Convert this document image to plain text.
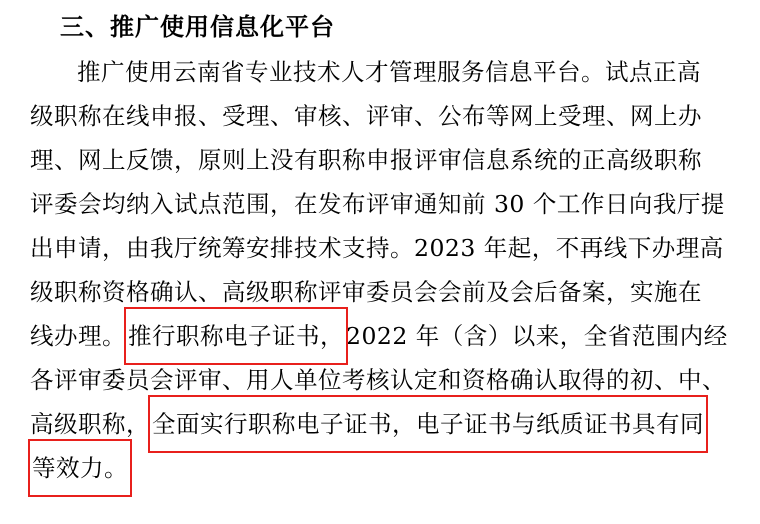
三、推广使用信息化平台
推广使用云南省专业技术人才管理服务信息平台。试点正高
级职称在线申报、受理、审核、评审、公布等网上受理、网上办
理、网上反馈，原则上没有职称申报评审信息系统的正高级职称
评委会均纳入试点范围，在发布评审通知前 30 个工作日向我厅提
出申请，由我厅统筹安排技术支持。2023 年起，不再线下办理高
级职称资格确认、高级职称评审委员会会前及会后备案，实施在
线办理。推行职称电子证书，2022 年（含）以来，全省范围内经
各评审委员会评审、用人单位考核认定和资格确认取得的初、中、
高级职称，全面实行职称电子证书，电子证书与纸质证书具有同
等效力。
